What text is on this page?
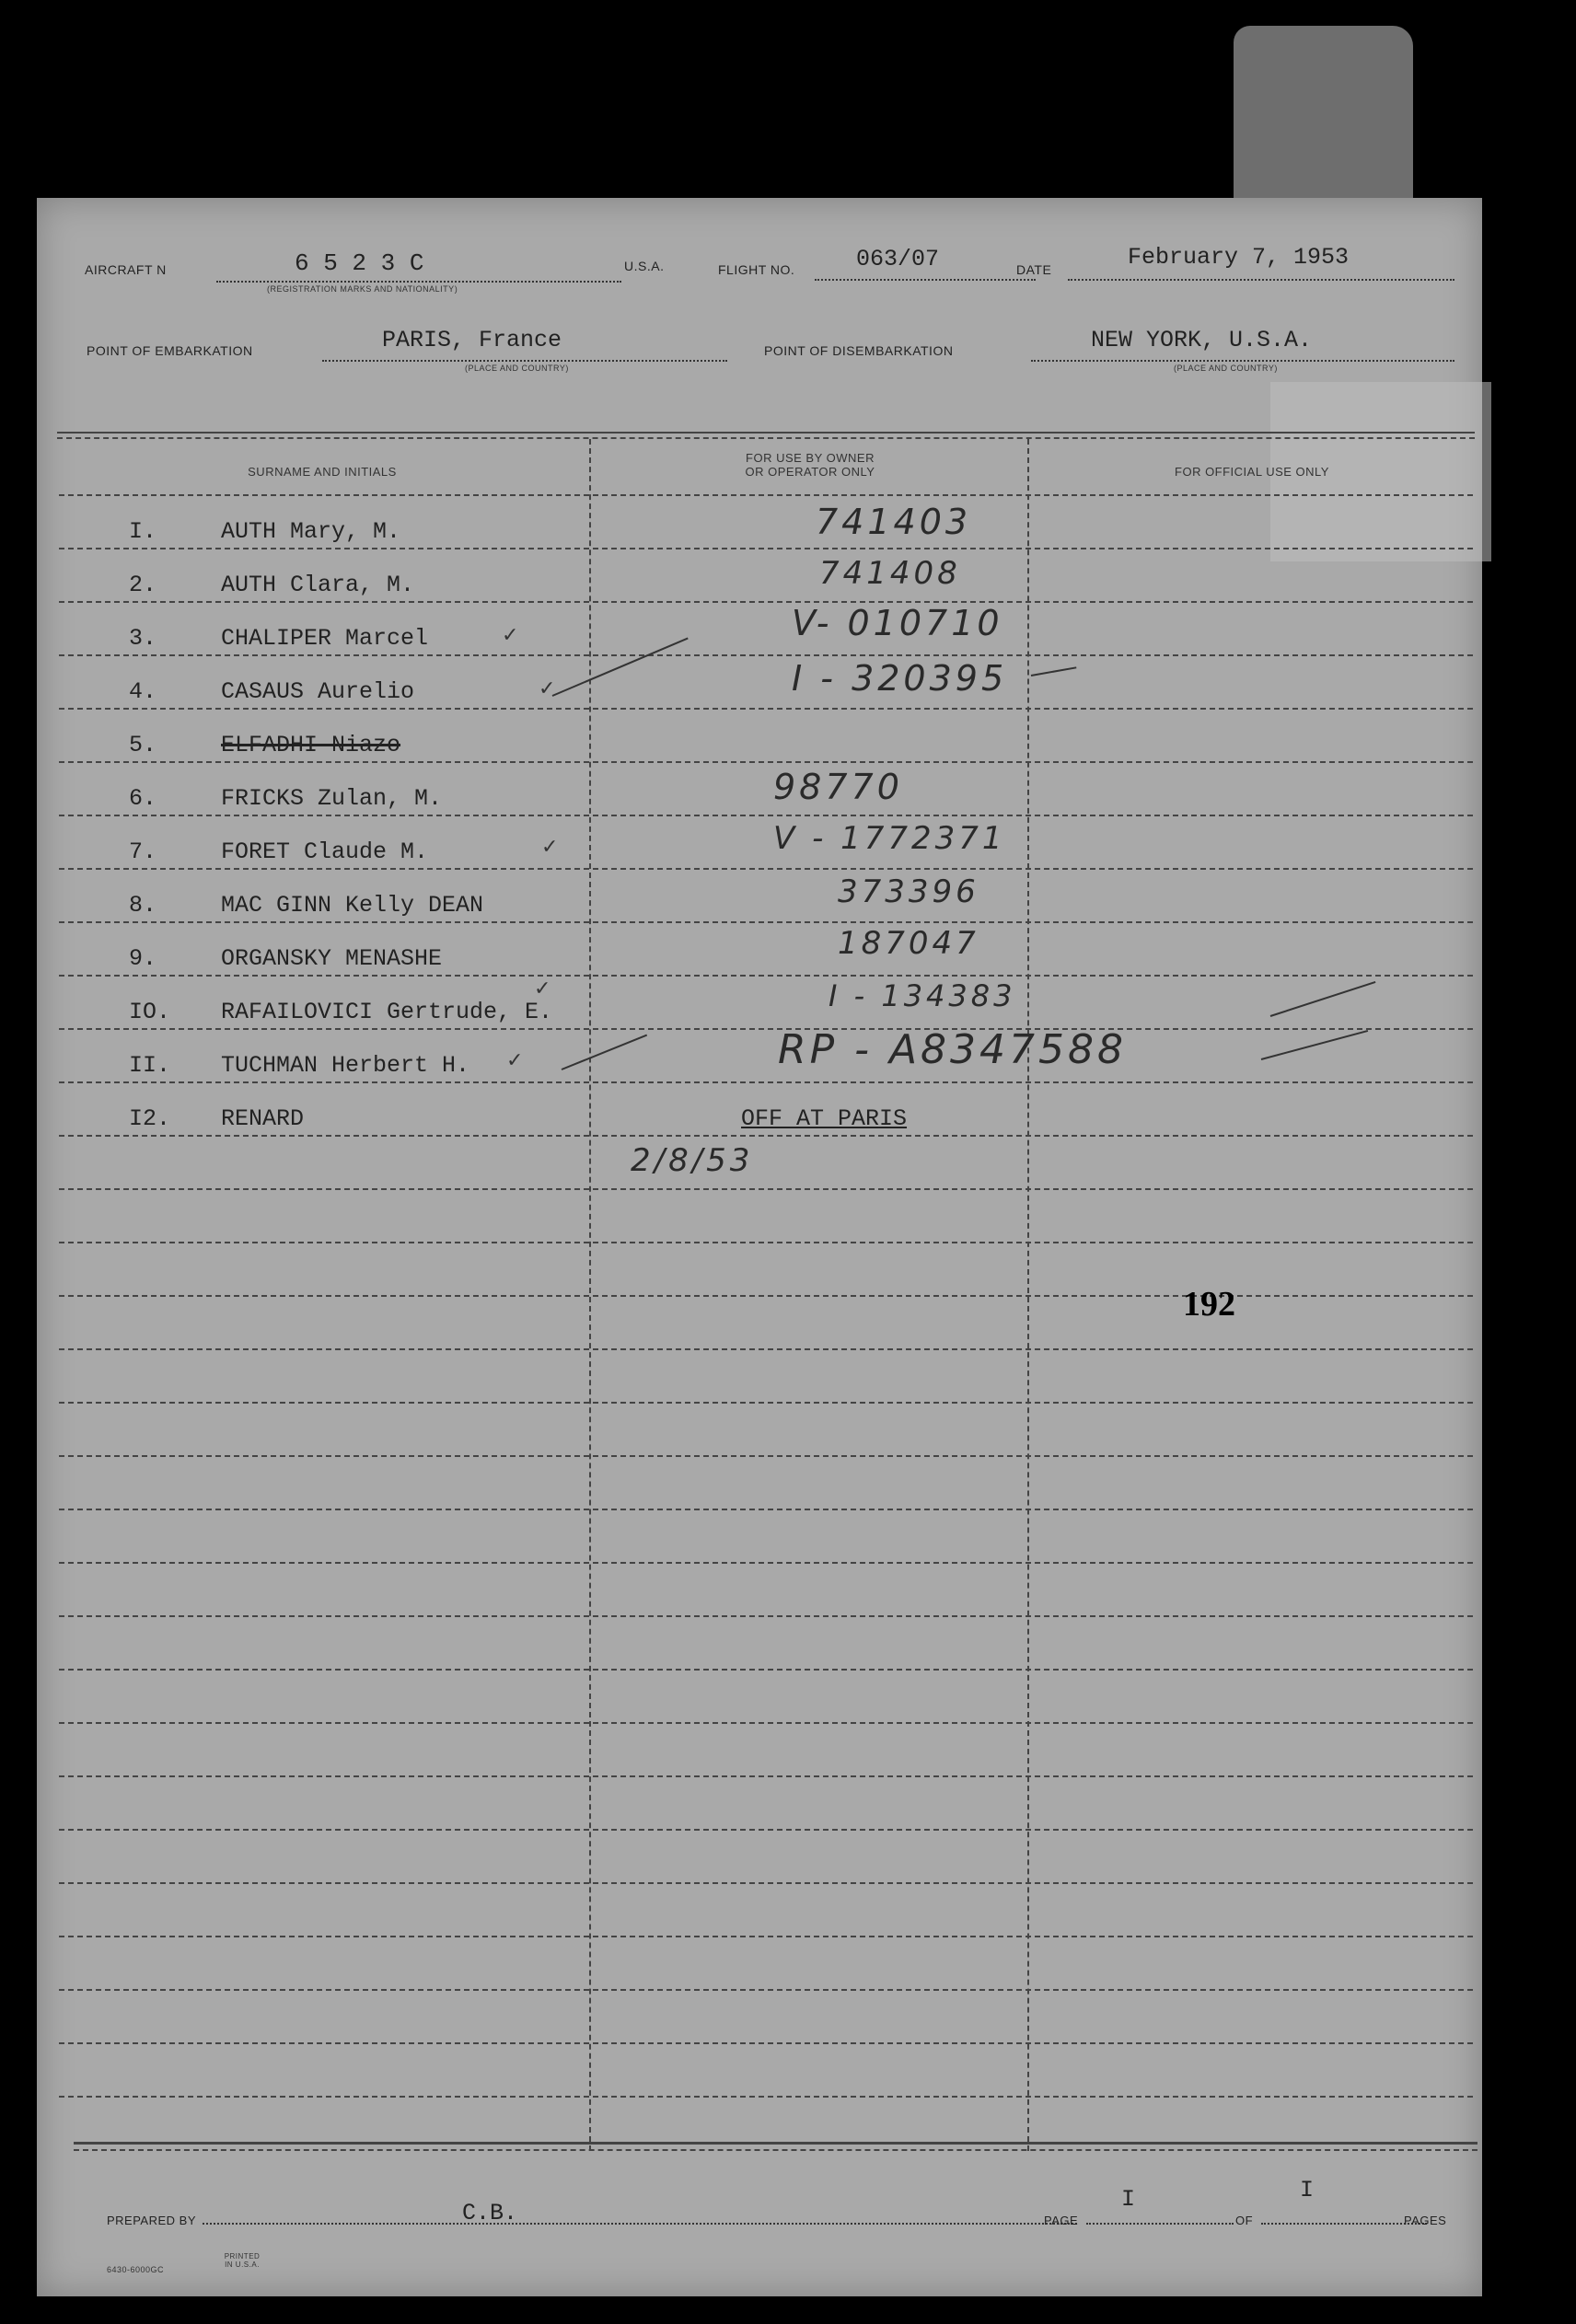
AIRCRAFT N	6 5 2 3 C
(REGISTRATION MARKS AND NATIONALITY)
U.S.A.	FLIGHT NO.	063/07	DATE	February 7, 1953
POINT OF EMBARKATION	PARIS, France
(PLACE AND COUNTRY)
POINT OF DISEMBARKATION	NEW YORK, U.S.A.
(PLACE AND COUNTRY)
SURNAME AND INITIALS
FOR USE BY OWNER
OR OPERATOR ONLY	FOR OFFICIAL USE ONLY
I.	AUTH Mary, M.	741403
2.	AUTH Clara, M.	741408
3.	CHALIPER Marcel	V- 010710
4.	CASAUS Aurelio	I - 320395
5.	ELFADHI Niazo
6.	FRICKS Zulan, M.	98770
7.	FORET Claude M.	V - 1772371
8.	MAC GINN Kelly DEAN	373396
9.	ORGANSKY MENASHE	187047
IO. RAFAILOVICI Gertrude, E.	I - 134383
II. TUCHMAN Herbert H.	RP - A8347588
I2. RENARD	OFF AT PARIS
2/8/53
✓
✓
✓
✓
✓
192
PREPARED BY	C.B.	PAGE
I
OF
I
PAGES
6430-6000GC
PRINTED IN U.S.A.
